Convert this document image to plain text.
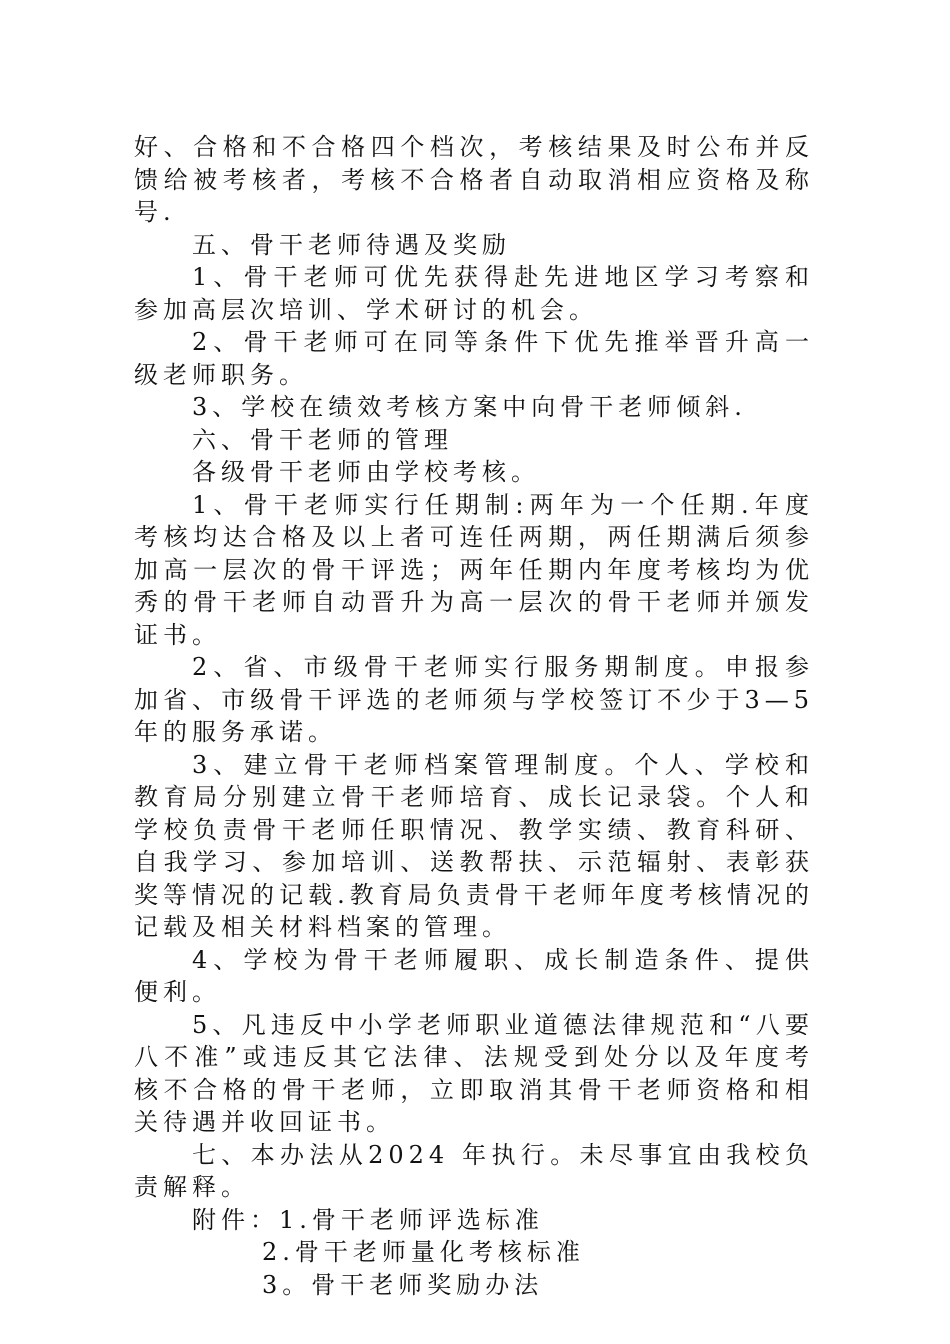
好、合格和不合格四个档次，考核结果及时公布并反馈给被考核者，考核不合格者自动取消相应资格及称号.

五、骨干老师待遇及奖励

1、骨干老师可优先获得赴先进地区学习考察和参加高层次培训、学术研讨的机会。

2、骨干老师可在同等条件下优先推举晋升高一级老师职务。

3、学校在绩效考核方案中向骨干老师倾斜.

六、骨干老师的管理

各级骨干老师由学校考核。

1、骨干老师实行任期制:两年为一个任期.年度考核均达合格及以上者可连任两期，两任期满后须参加高一层次的骨干评选；两年任期内年度考核均为优秀的骨干老师自动晋升为高一层次的骨干老师并颁发证书。

2、省、市级骨干老师实行服务期制度。申报参加省、市级骨干评选的老师须与学校签订不少于3—5年的服务承诺。

3、建立骨干老师档案管理制度。个人、学校和教育局分别建立骨干老师培育、成长记录袋。个人和学校负责骨干老师任职情况、教学实绩、教育科研、自我学习、参加培训、送教帮扶、示范辐射、表彰获奖等情况的记载.教育局负责骨干老师年度考核情况的记载及相关材料档案的管理。

4、学校为骨干老师履职、成长制造条件、提供便利。

5、凡违反中小学老师职业道德法律规范和“八要八不准”或违反其它法律、法规受到处分以及年度考核不合格的骨干老师，立即取消其骨干老师资格和相关待遇并收回证书。

七、本办法从2024 年执行。未尽事宜由我校负责解释。

附件：1.骨干老师评选标准

2.骨干老师量化考核标准

3。骨干老师奖励办法
